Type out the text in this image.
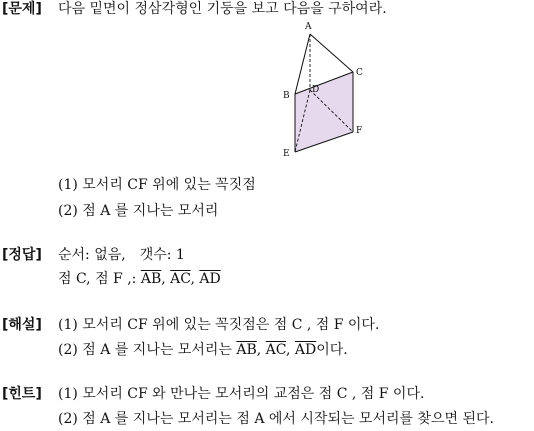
[문제] 다음 밑면이 정삼각형인 기둥을 보고 다음을 구하여라.
A
C
B
D
E
F
(1) 모서리 CF 위에 있는 꼭짓점
(2) 점 A 를 지나는 모서리
[정답] 순서: 없음,　갯수: 1
점 C, 점 F ,: $\overline{AB}$, $\overline{AC}$, $\overline{AD}$
[해설] (1) 모서리 CF 위에 있는 꼭짓점은 점 C , 점 F 이다.
(2) 점 A 를 지나는 모서리는 $\overline{AB}$, $\overline{AC}$, $\overline{AD}$이다.
[힌트] (1) 모서리 CF 와 만나는 모서리의 교점은 점 C , 점 F 이다.
(2) 점 A 를 지나는 모서리는 점 A 에서 시작되는 모서리를 찾으면 된다.
